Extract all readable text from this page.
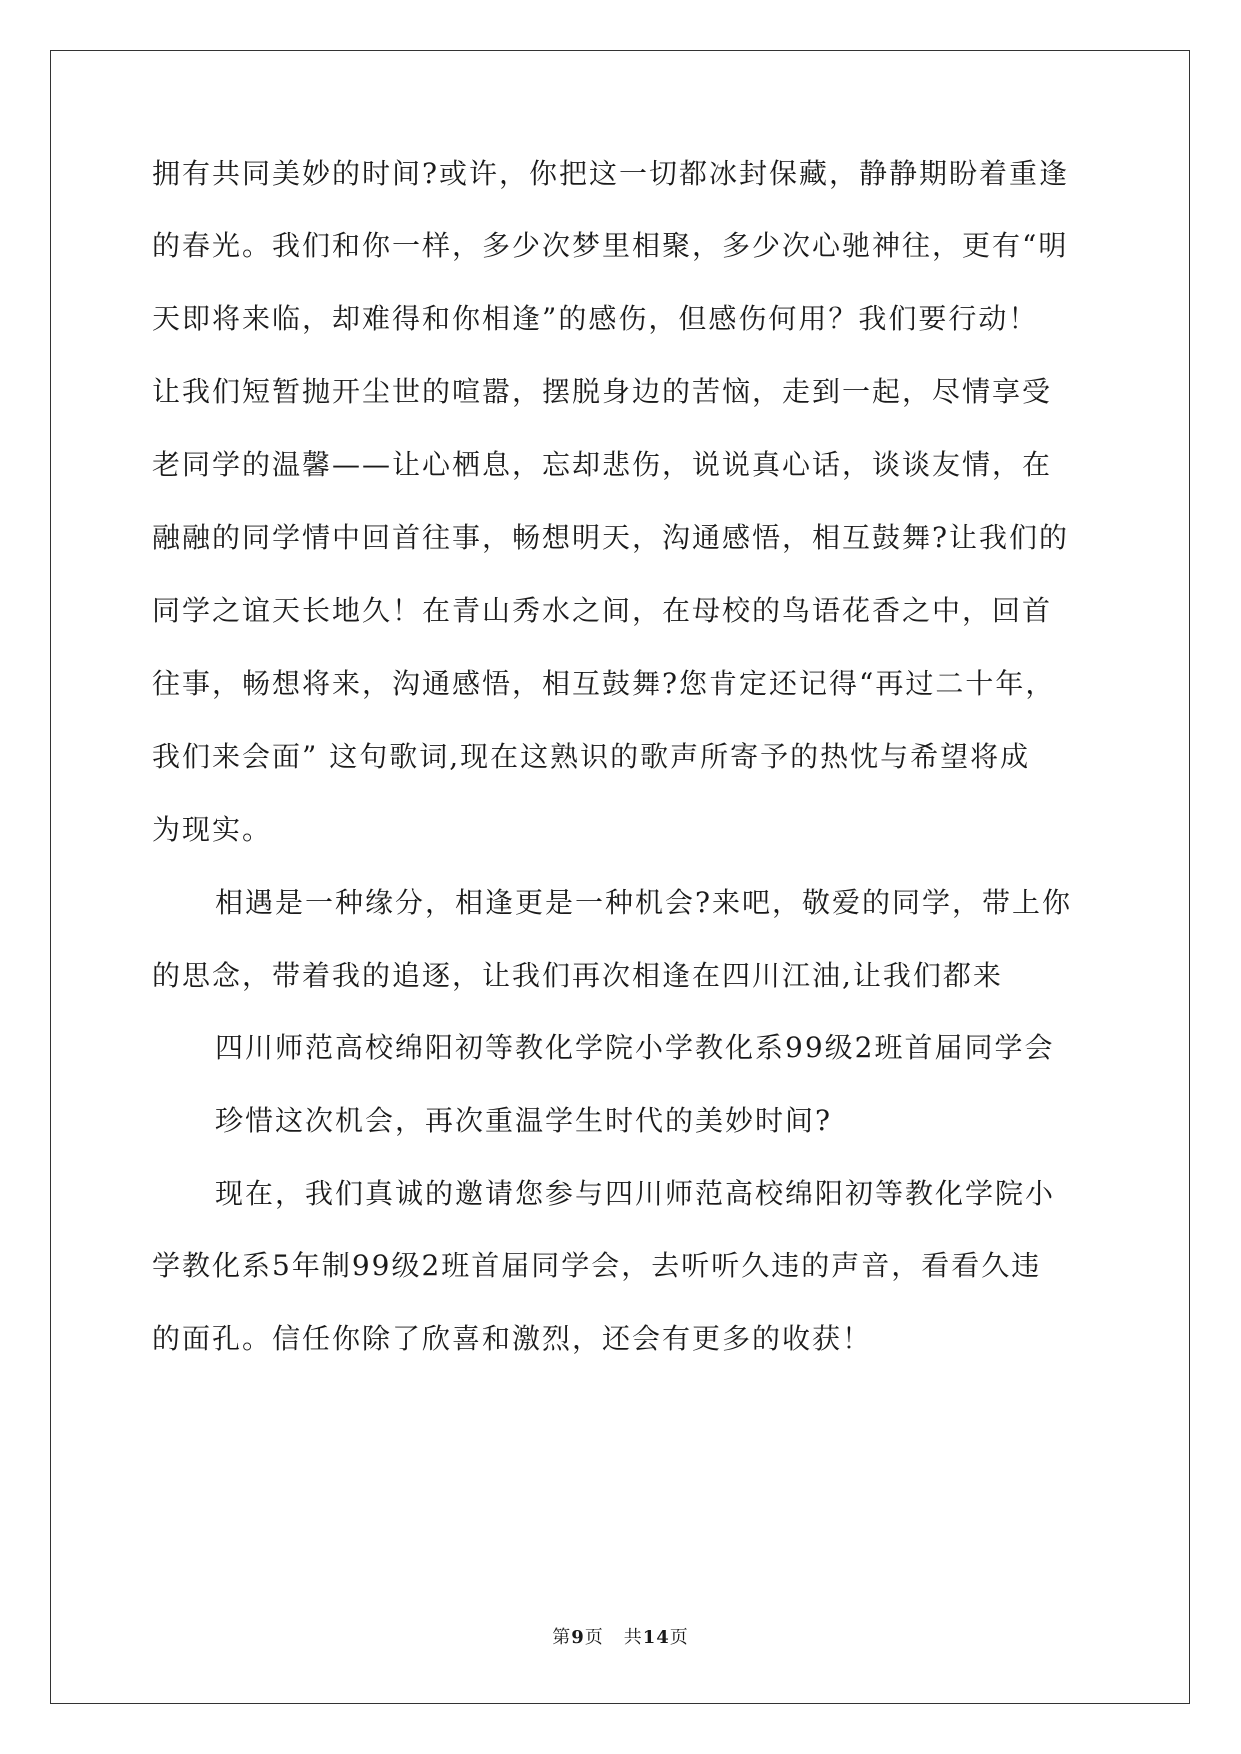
拥有共同美妙的时间?或许，你把这一切都冰封保藏，静静期盼着重逢
的春光。我们和你一样，多少次梦里相聚，多少次心驰神往，更有“明
天即将来临，却难得和你相逢”的感伤，但感伤何用？我们要行动！
让我们短暂抛开尘世的喧嚣，摆脱身边的苦恼，走到一起，尽情享受
老同学的温馨——让心栖息，忘却悲伤，说说真心话，谈谈友情，在
融融的同学情中回首往事，畅想明天，沟通感悟，相互鼓舞?让我们的
同学之谊天长地久！在青山秀水之间，在母校的鸟语花香之中，回首
往事，畅想将来，沟通感悟，相互鼓舞?您肯定还记得“再过二十年，
我们来会面” 这句歌词,现在这熟识的歌声所寄予的热忱与希望将成
为现实。
相遇是一种缘分，相逢更是一种机会?来吧，敬爱的同学，带上你
的思念，带着我的追逐，让我们再次相逢在四川江油,让我们都来
四川师范高校绵阳初等教化学院小学教化系99级2班首届同学会
珍惜这次机会，再次重温学生时代的美妙时间?
现在，我们真诚的邀请您参与四川师范高校绵阳初等教化学院小
学教化系5年制99级2班首届同学会，去听听久违的声音，看看久违
的面孔。信任你除了欣喜和激烈，还会有更多的收获！
第9页 共14页
